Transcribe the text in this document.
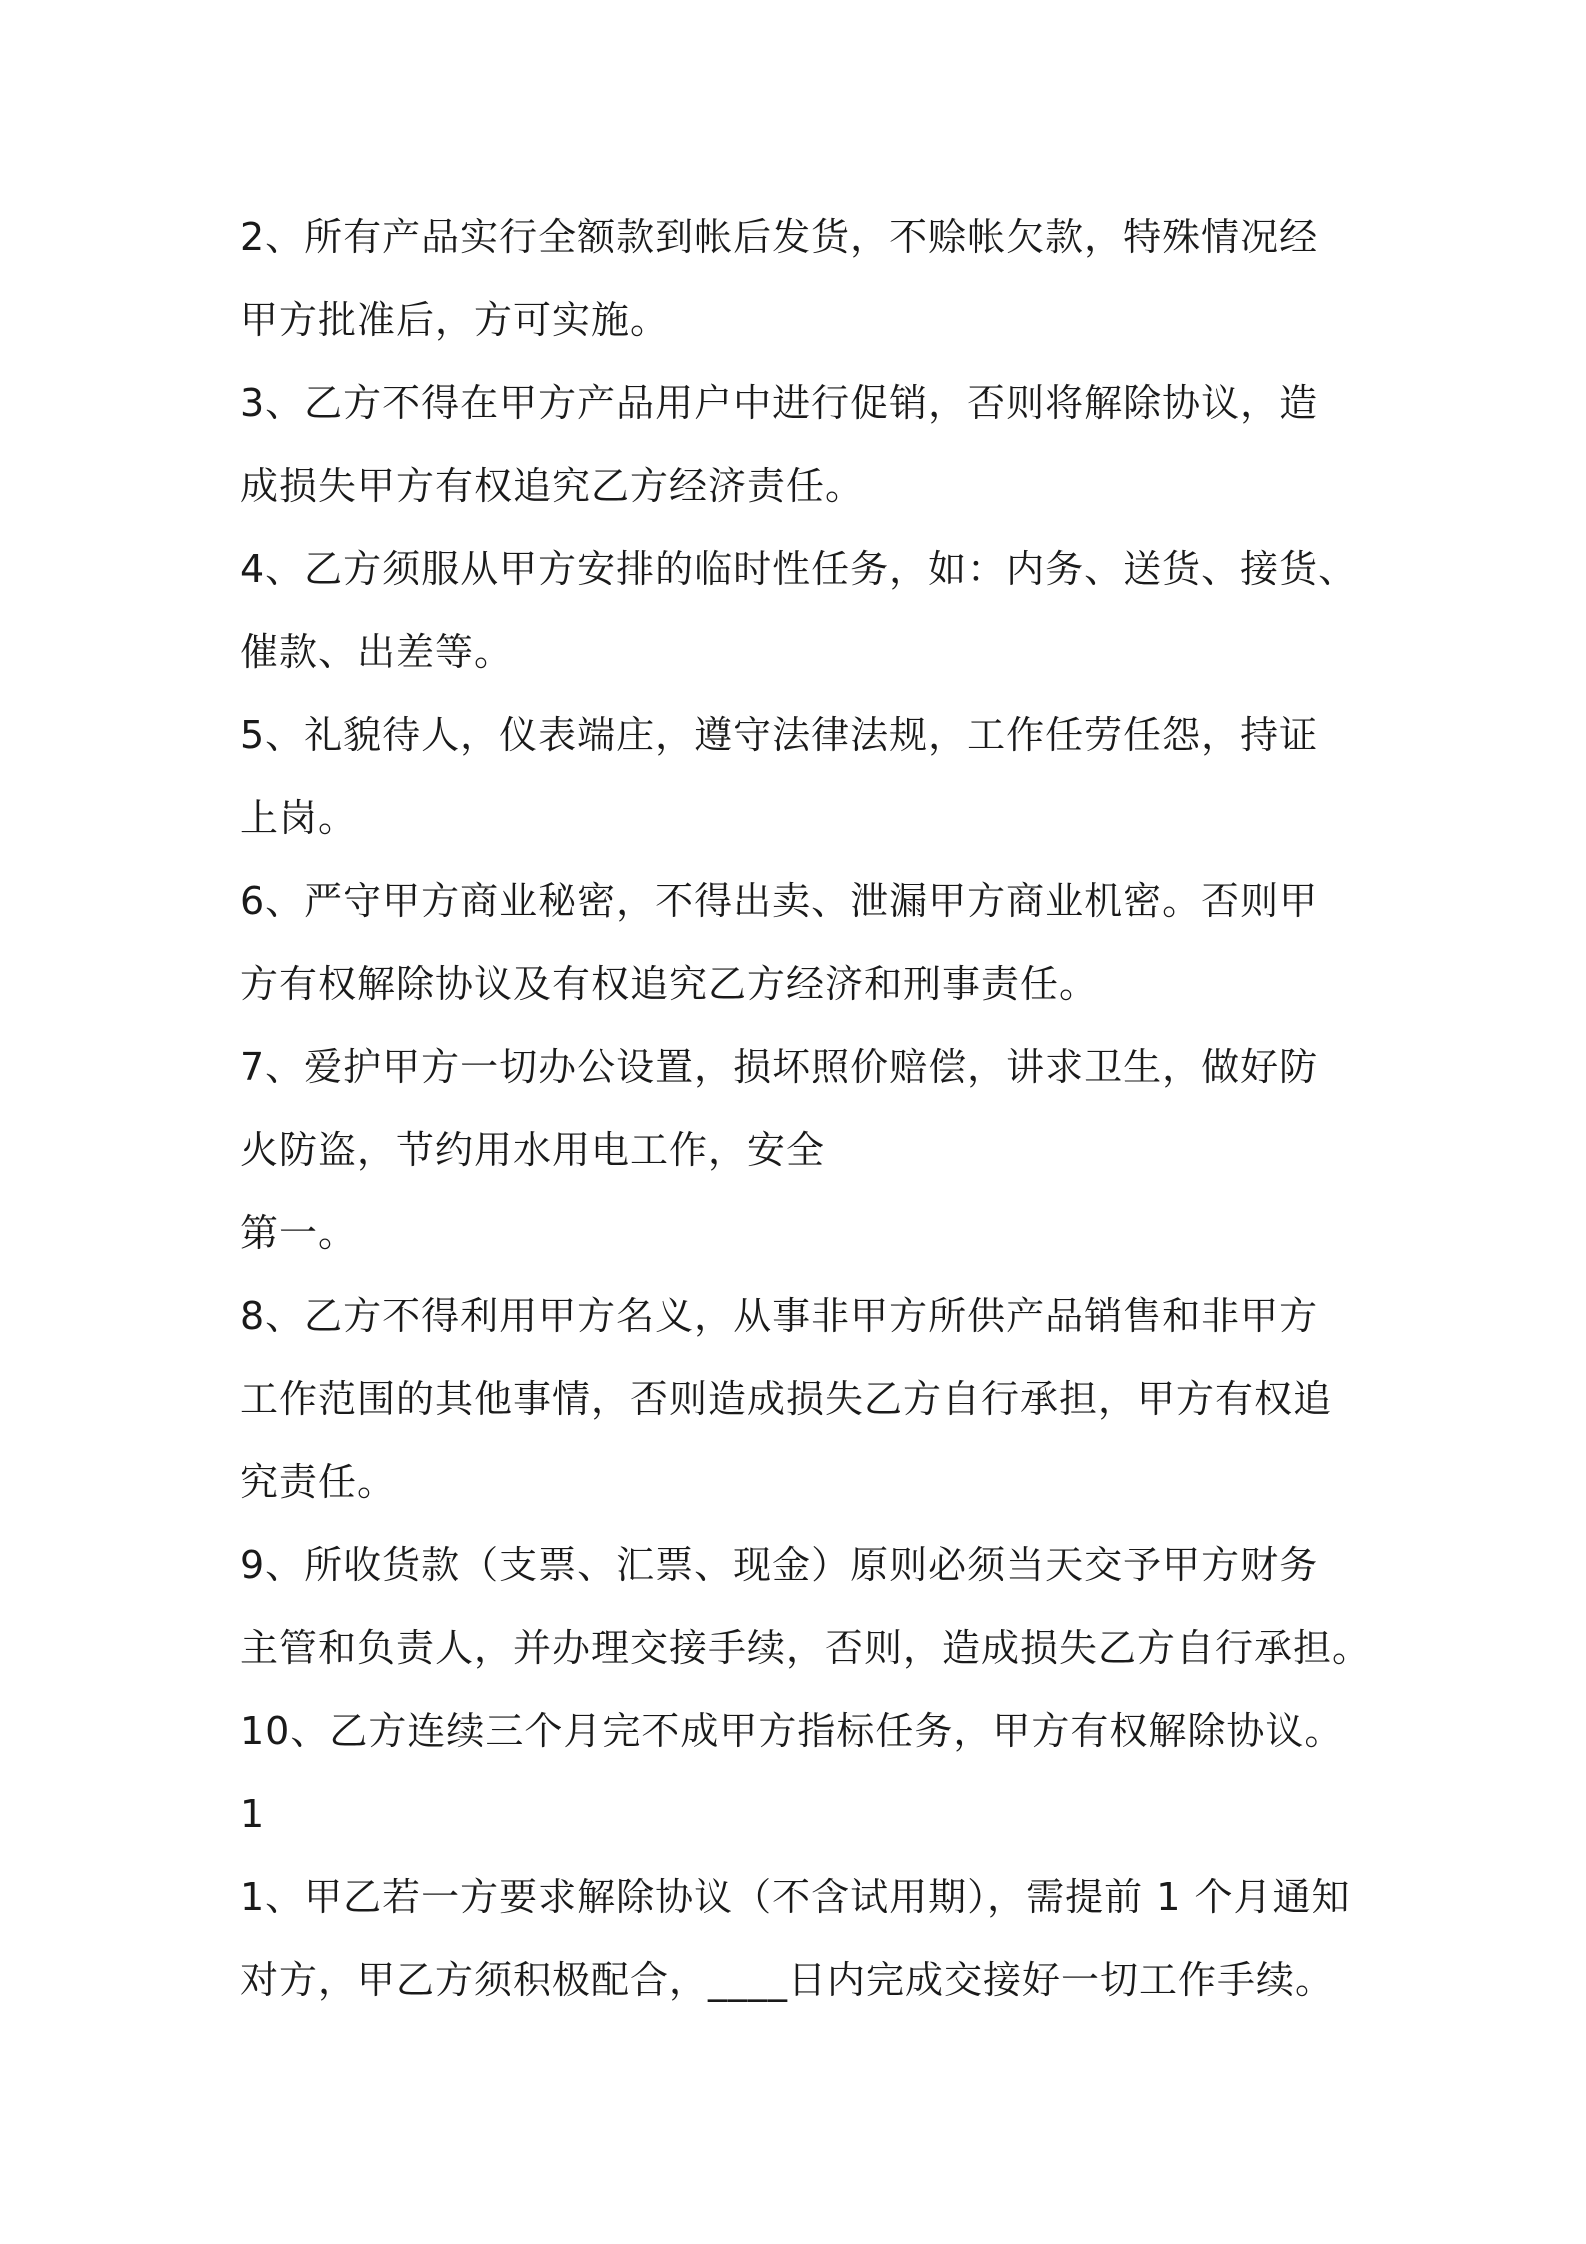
2、所有产品实行全额款到帐后发货，不赊帐欠款，特殊情况经
甲方批准后，方可实施。
3、乙方不得在甲方产品用户中进行促销，否则将解除协议，造
成损失甲方有权追究乙方经济责任。
4、乙方须服从甲方安排的临时性任务，如：内务、送货、接货、
催款、出差等。
5、礼貌待人，仪表端庄，遵守法律法规，工作任劳任怨，持证
上岗。
6、严守甲方商业秘密，不得出卖、泄漏甲方商业机密。否则甲
方有权解除协议及有权追究乙方经济和刑事责任。
7、爱护甲方一切办公设置，损坏照价赔偿，讲求卫生，做好防
火防盗，节约用水用电工作，安全
第一。
8、乙方不得利用甲方名义，从事非甲方所供产品销售和非甲方
工作范围的其他事情，否则造成损失乙方自行承担，甲方有权追
究责任。
9、所收货款（支票、汇票、现金）原则必须当天交予甲方财务
主管和负责人，并办理交接手续，否则，造成损失乙方自行承担。
10、乙方连续三个月完不成甲方指标任务，甲方有权解除协议。
1
1、甲乙若一方要求解除协议（不含试用期），需提前 1 个月通知
对方，甲乙方须积极配合，____日内完成交接好一切工作手续。
